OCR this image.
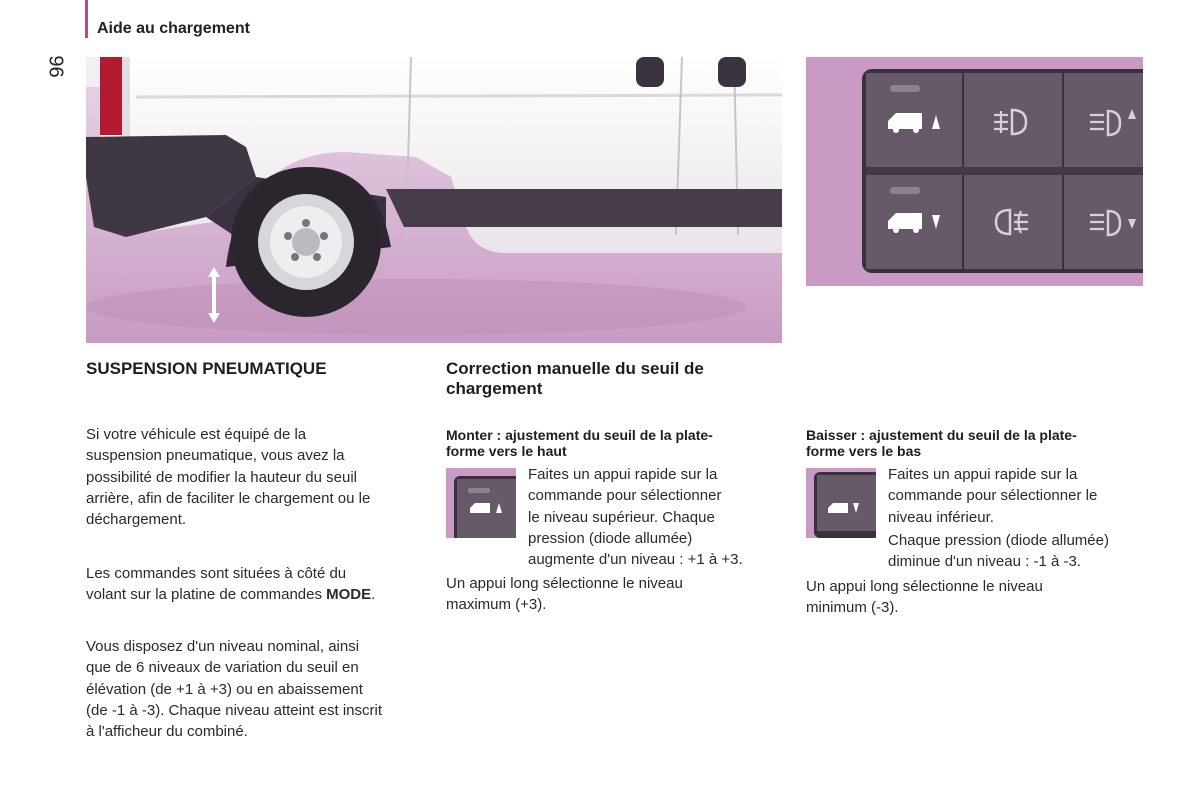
Aide au chargement
96
SUSPENSION PNEUMATIQUE
Si votre véhicule est équipé de la
suspension pneumatique, vous avez la
possibilité de modifier la hauteur du seuil
arrière, afin de faciliter le chargement ou le
déchargement.
Les commandes sont situées à côté du
volant sur la platine de commandes MODE.
Vous disposez d'un niveau nominal, ainsi
que de 6 niveaux de variation du seuil en
élévation (de +1 à +3) ou en abaissement
(de -1 à -3). Chaque niveau atteint est inscrit
à l'afficheur du combiné.
Correction manuelle du seuil de
chargement
Monter : ajustement du seuil de la plate-
forme vers le haut
Faites un appui rapide sur la
commande pour sélectionner
le niveau supérieur. Chaque
pression (diode allumée)
augmente d'un niveau : +1 à +3.
Un appui long sélectionne le niveau
maximum (+3).
Baisser : ajustement du seuil de la plate-
forme vers le bas
Faites un appui rapide sur la
commande pour sélectionner le
niveau inférieur.
Chaque pression (diode allumée)
diminue d'un niveau : -1 à -3.
Un appui long sélectionne le niveau
minimum (-3).
